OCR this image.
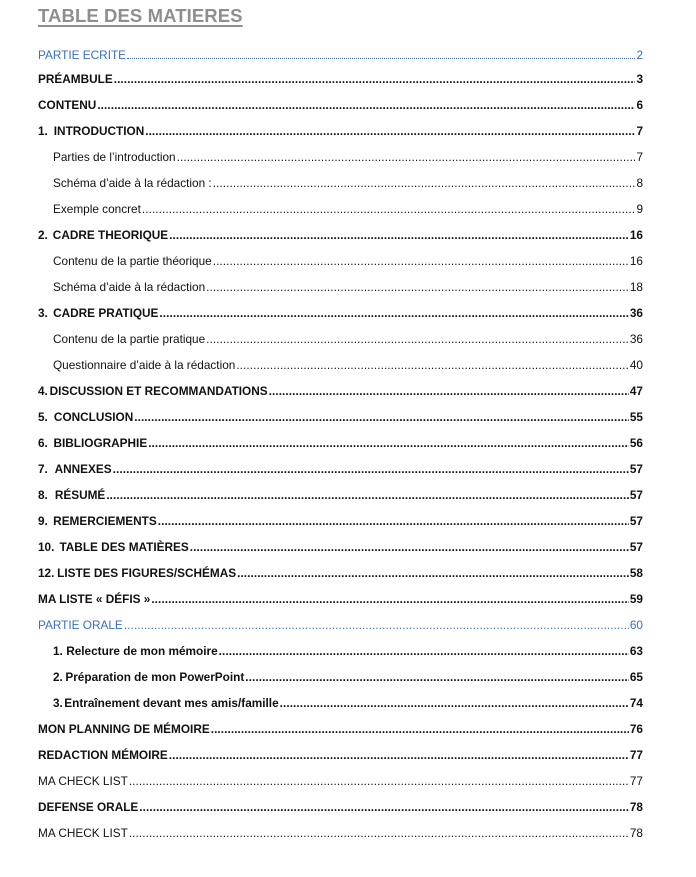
TABLE DES MATIERES
PARTIE ECRITE	2
PRÉAMBULE . . .	3
CONTENU . . .	6
1. INTRODUCTION . . .	7
Parties de l’introduction . . .	7
Schéma d’aide à la rédaction : . . .	8
Exemple concret . . .	9
2. CADRE THEORIQUE . . .	16
Contenu de la partie théorique . . .	16
Schéma d’aide à la rédaction . . .	18
3. CADRE PRATIQUE . . .	36
Contenu de la partie pratique . . .	36
Questionnaire d’aide à la rédaction . . .	40
4. DISCUSSION ET RECOMMANDATIONS . . .	47
5. CONCLUSION . . .	55
6. BIBLIOGRAPHIE . . .	56
7. ANNEXES . . .	57
8. RÉSUMÉ . . .	57
9. REMERCIEMENTS . . .	57
10. TABLE DES MATIÈRES . . .	57
12. LISTE DES FIGURES/SCHÉMAS . . .	58
MA LISTE « DÉFIS » . . .	59
PARTIE ORALE . . .	60
1. Relecture de mon mémoire . . .	63
2. Préparation de mon PowerPoint . . .	65
3. Entraînement devant mes amis/famille . . .	74
MON PLANNING DE MÉMOIRE . . .	76
REDACTION MÉMOIRE . . .	77
MA CHECK LIST . . .	77
DEFENSE ORALE . . .	78
MA CHECK LIST . . .	78
